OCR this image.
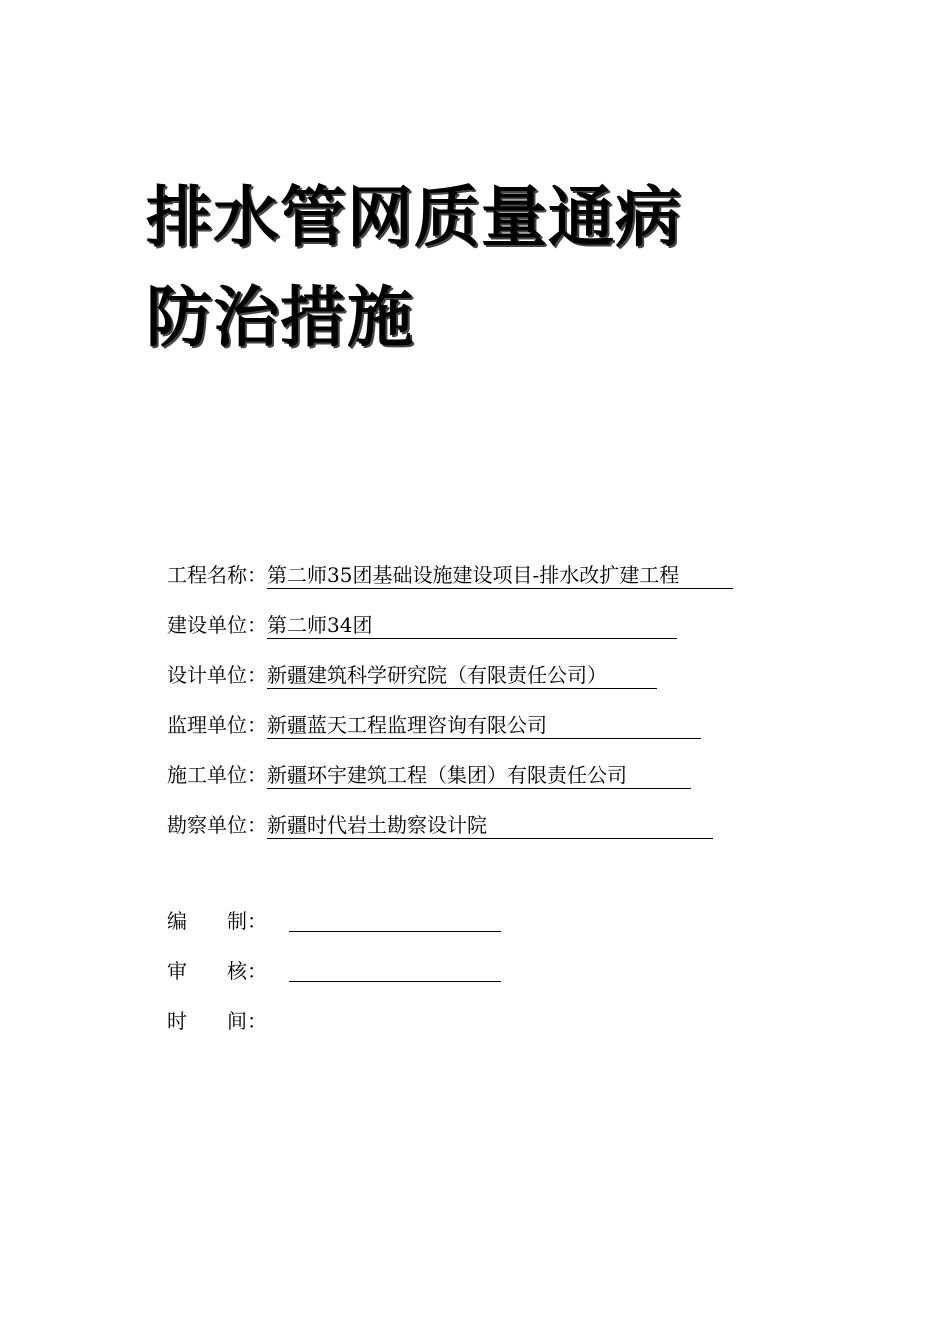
排水管网质量通病
防治措施
工程名称：第二师35团基础设施建设项目-排水改扩建工程
建设单位：第二师34团
设计单位：新疆建筑科学研究院（有限责任公司）
监理单位：新疆蓝天工程监理咨询有限公司
施工单位：新疆环宇建筑工程（集团）有限责任公司
勘察单位：新疆时代岩土勘察设计院
编　　制：
审　　核：
时　　间：
